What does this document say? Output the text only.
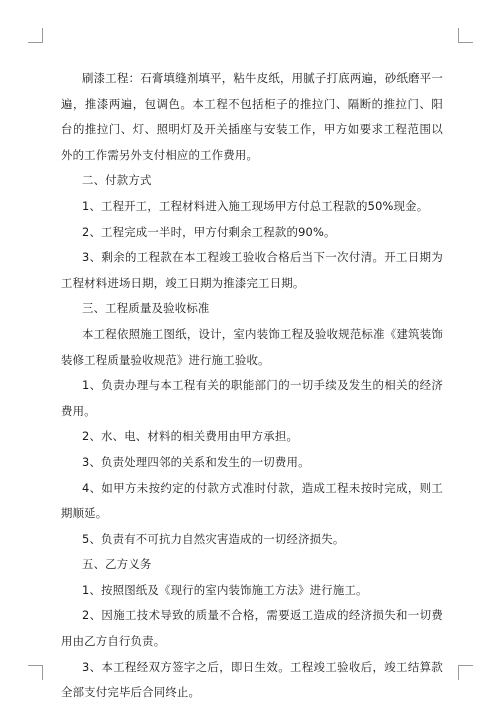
刷漆工程：石膏填缝剂填平，粘牛皮纸，用腻子打底两遍，砂纸磨平一遍，推漆两遍，包调色。本工程不包括柜子的推拉门、隔断的推拉门、阳台的推拉门、灯、照明灯及开关插座与安装工作，甲方如要求工程范围以外的工作需另外支付相应的工作费用。

二、付款方式

1、工程开工，工程材料进入施工现场甲方付总工程款的50%现金。

2、工程完成一半时，甲方付剩余工程款的90%。

3、剩余的工程款在本工程竣工验收合格后当下一次付清。开工日期为工程材料进场日期，竣工日期为推漆完工日期。

三、工程质量及验收标准

本工程依照施工图纸，设计，室内装饰工程及验收规范标准《建筑装饰装修工程质量验收规范》进行施工验收。

1、负责办理与本工程有关的职能部门的一切手续及发生的相关的经济费用。

2、水、电、材料的相关费用由甲方承担。

3、负责处理四邻的关系和发生的一切费用。

4、如甲方未按约定的付款方式准时付款，造成工程未按时完成，则工期顺延。

5、负责有不可抗力自然灾害造成的一切经济损失。

五、乙方义务

1、按照图纸及《现行的室内装饰施工方法》进行施工。

2、因施工技术导致的质量不合格，需要返工造成的经济损失和一切费用由乙方自行负责。

3、本工程经双方签字之后，即日生效。工程竣工验收后，竣工结算款全部支付完毕后合同终止。
